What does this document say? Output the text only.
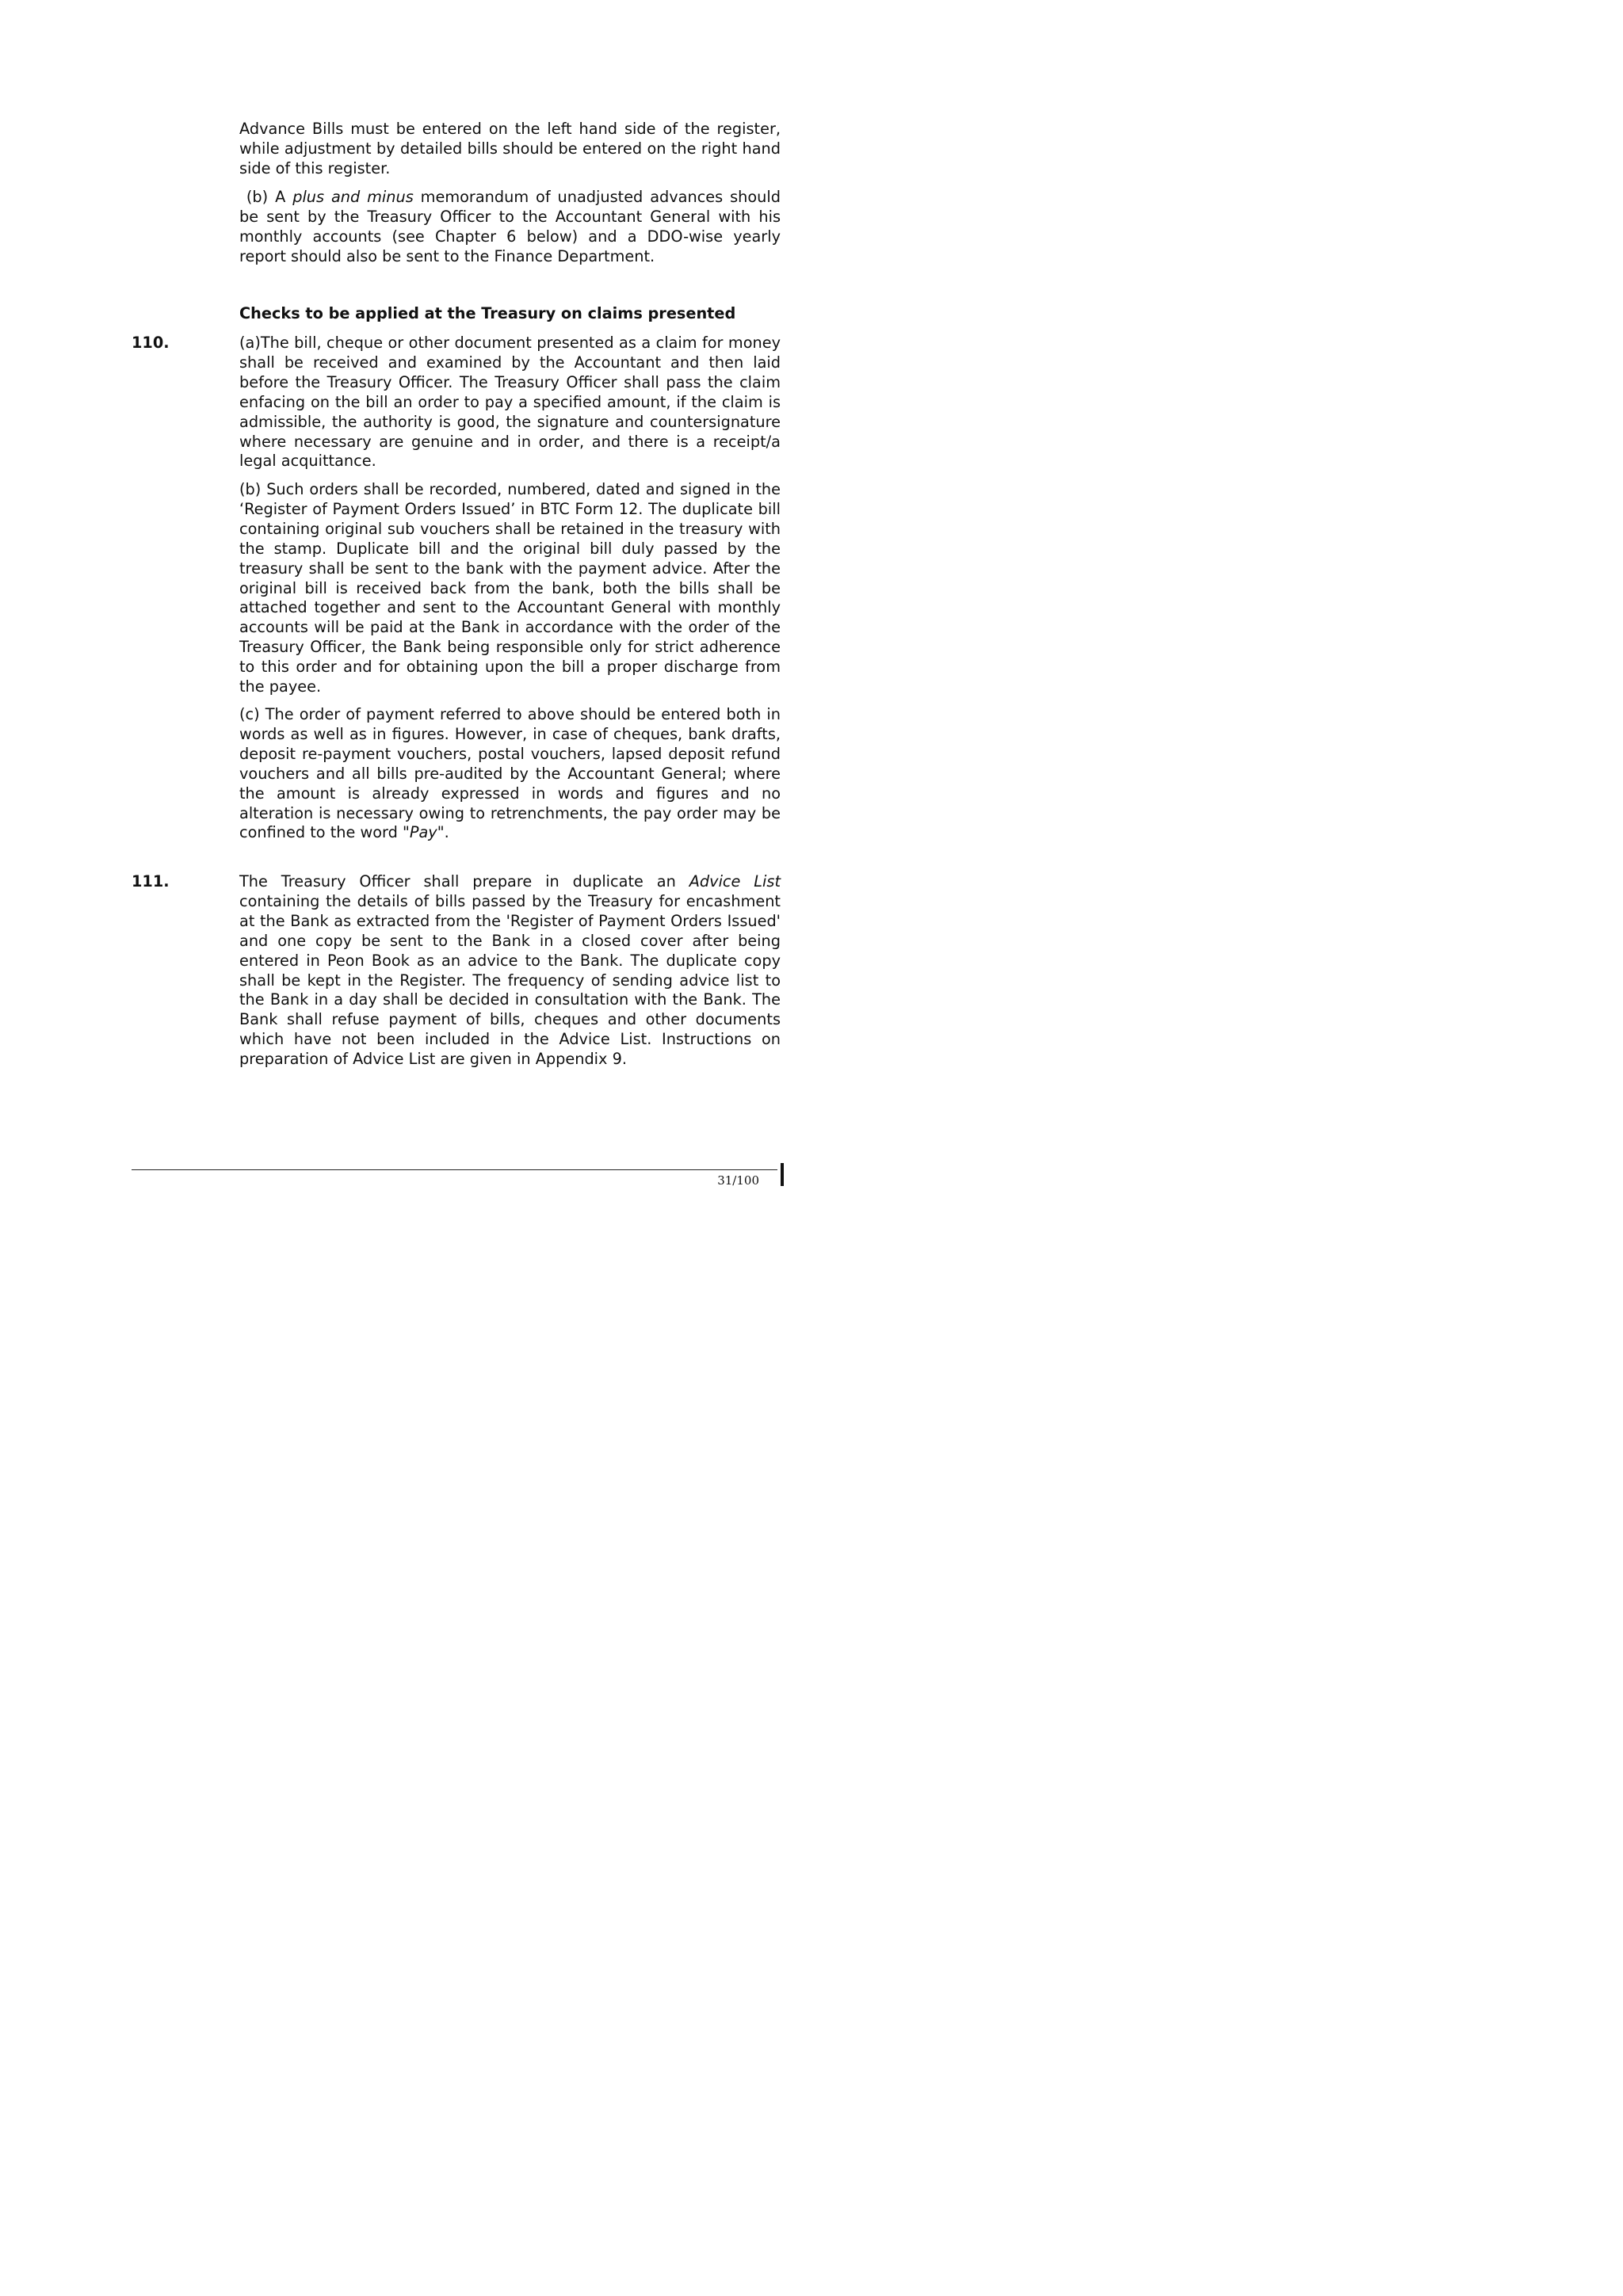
Advance Bills must be entered on the left hand side of the register, while adjustment by detailed bills should be entered on the right hand side of this register.

(b) A plus and minus memorandum of unadjusted advances should be sent by the Treasury Officer to the Accountant General with his monthly accounts (see Chapter 6 below) and a DDO-wise yearly report should also be sent to the Finance Department.

Checks to be applied at the Treasury on claims presented

110.	(a)The bill, cheque or other document presented as a claim for money shall be received and examined by the Accountant and then laid before the Treasury Officer. The Treasury Officer shall pass the claim enfacing on the bill an order to pay a specified amount, if the claim is admissible, the authority is good, the signature and countersignature where necessary are genuine and in order, and there is a receipt/a legal acquittance.

(b) Such orders shall be recorded, numbered, dated and signed in the ‘Register of Payment Orders Issued’ in BTC Form 12. The duplicate bill containing original sub vouchers shall be retained in the treasury with the stamp. Duplicate bill and the original bill duly passed by the treasury shall be sent to the bank with the payment advice. After the original bill is received back from the bank, both the bills shall be attached together and sent to the Accountant General with monthly accounts will be paid at the Bank in accordance with the order of the Treasury Officer, the Bank being responsible only for strict adherence to this order and for obtaining upon the bill a proper discharge from the payee.

(c) The order of payment referred to above should be entered both in words as well as in figures. However, in case of cheques, bank drafts, deposit re-payment vouchers, postal vouchers, lapsed deposit refund vouchers and all bills pre-audited by the Accountant General; where the amount is already expressed in words and figures and no alteration is necessary owing to retrenchments, the pay order may be confined to the word "Pay".

111.	The Treasury Officer shall prepare in duplicate an Advice List containing the details of bills passed by the Treasury for encashment at the Bank as extracted from the 'Register of Payment Orders Issued' and one copy be sent to the Bank in a closed cover after being entered in Peon Book as an advice to the Bank. The duplicate copy shall be kept in the Register. The frequency of sending advice list to the Bank in a day shall be decided in consultation with the Bank. The Bank shall refuse payment of bills, cheques and other documents which have not been included in the Advice List. Instructions on preparation of Advice List are given in Appendix 9.

31/100
